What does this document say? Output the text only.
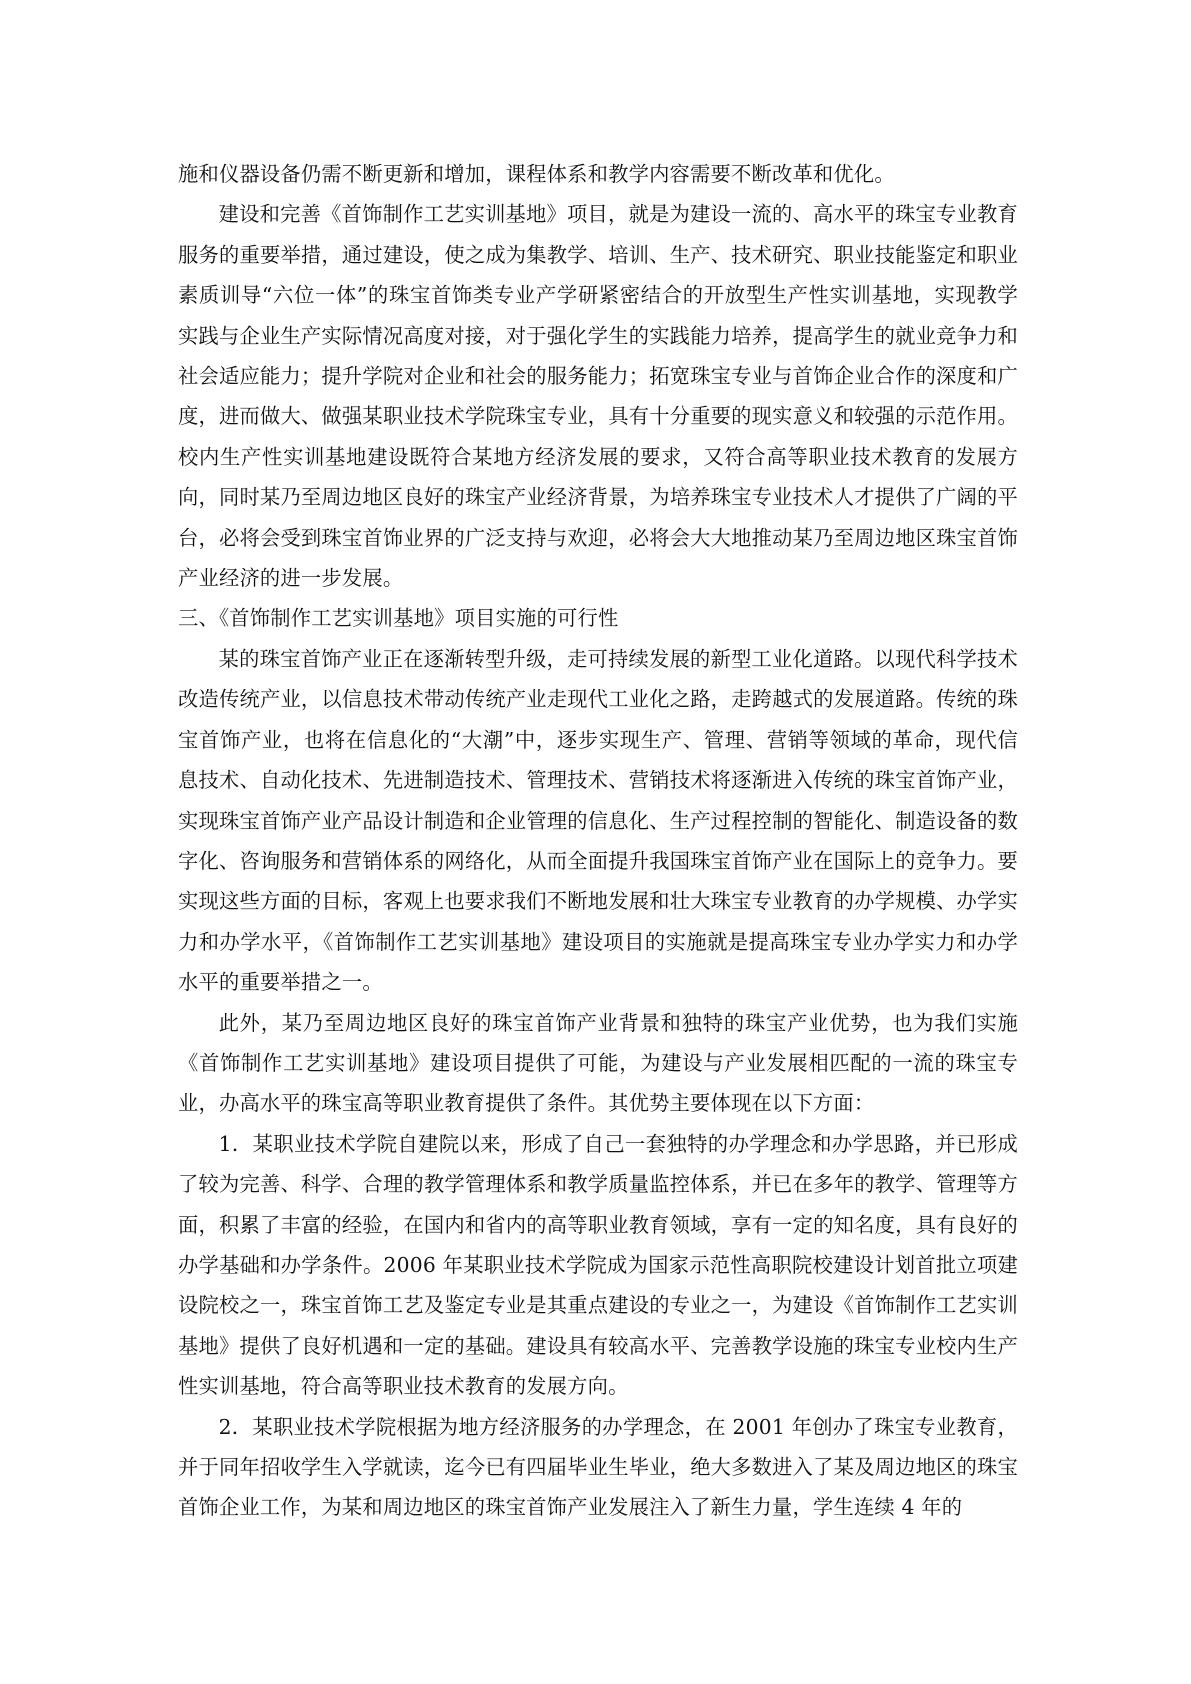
施和仪器设备仍需不断更新和增加，课程体系和教学内容需要不断改革和优化。

建设和完善《首饰制作工艺实训基地》项目，就是为建设一流的、高水平的珠宝专业教育服务的重要举措，通过建设，使之成为集教学、培训、生产、技术研究、职业技能鉴定和职业素质训导“六位一体”的珠宝首饰类专业产学研紧密结合的开放型生产性实训基地，实现教学实践与企业生产实际情况高度对接，对于强化学生的实践能力培养，提高学生的就业竞争力和社会适应能力；提升学院对企业和社会的服务能力；拓宽珠宝专业与首饰企业合作的深度和广度，进而做大、做强某职业技术学院珠宝专业，具有十分重要的现实意义和较强的示范作用。校内生产性实训基地建设既符合某地方经济发展的要求，又符合高等职业技术教育的发展方向，同时某乃至周边地区良好的珠宝产业经济背景，为培养珠宝专业技术人才提供了广阔的平台，必将会受到珠宝首饰业界的广泛支持与欢迎，必将会大大地推动某乃至周边地区珠宝首饰产业经济的进一步发展。

三、《首饰制作工艺实训基地》项目实施的可行性

某的珠宝首饰产业正在逐渐转型升级，走可持续发展的新型工业化道路。以现代科学技术改造传统产业，以信息技术带动传统产业走现代工业化之路，走跨越式的发展道路。传统的珠宝首饰产业，也将在信息化的“大潮”中，逐步实现生产、管理、营销等领域的革命，现代信息技术、自动化技术、先进制造技术、管理技术、营销技术将逐渐进入传统的珠宝首饰产业，实现珠宝首饰产业产品设计制造和企业管理的信息化、生产过程控制的智能化、制造设备的数字化、咨询服务和营销体系的网络化，从而全面提升我国珠宝首饰产业在国际上的竞争力。要实现这些方面的目标，客观上也要求我们不断地发展和壮大珠宝专业教育的办学规模、办学实力和办学水平，《首饰制作工艺实训基地》建设项目的实施就是提高珠宝专业办学实力和办学水平的重要举措之一。

此外，某乃至周边地区良好的珠宝首饰产业背景和独特的珠宝产业优势，也为我们实施《首饰制作工艺实训基地》建设项目提供了可能，为建设与产业发展相匹配的一流的珠宝专业，办高水平的珠宝高等职业教育提供了条件。其优势主要体现在以下方面：

1．某职业技术学院自建院以来，形成了自己一套独特的办学理念和办学思路，并已形成了较为完善、科学、合理的教学管理体系和教学质量监控体系，并已在多年的教学、管理等方面，积累了丰富的经验，在国内和省内的高等职业教育领域，享有一定的知名度，具有良好的办学基础和办学条件。2006 年某职业技术学院成为国家示范性高职院校建设计划首批立项建设院校之一，珠宝首饰工艺及鉴定专业是其重点建设的专业之一，为建设《首饰制作工艺实训基地》提供了良好机遇和一定的基础。建设具有较高水平、完善教学设施的珠宝专业校内生产性实训基地，符合高等职业技术教育的发展方向。

2．某职业技术学院根据为地方经济服务的办学理念，在 2001 年创办了珠宝专业教育，并于同年招收学生入学就读，迄今已有四届毕业生毕业，绝大多数进入了某及周边地区的珠宝首饰企业工作，为某和周边地区的珠宝首饰产业发展注入了新生力量，学生连续 4 年的
